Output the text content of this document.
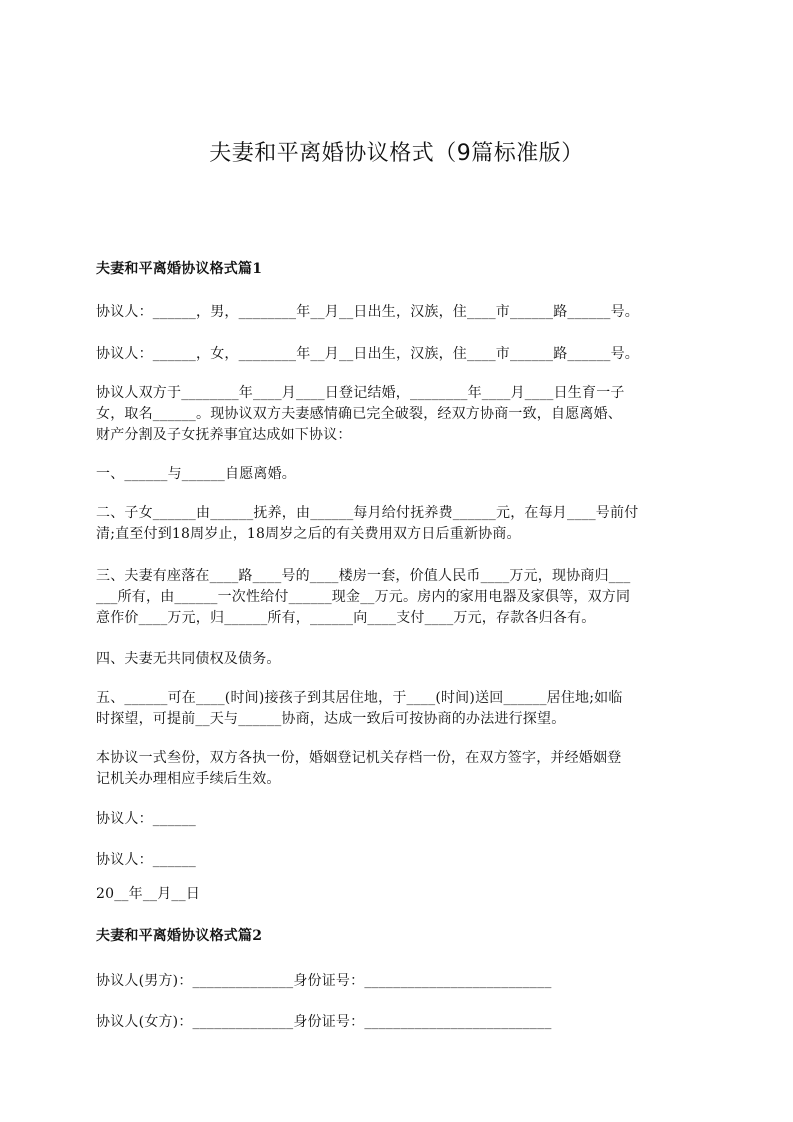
夫妻和平离婚协议格式（9篇标准版）
夫妻和平离婚协议格式篇1
协议人：______，男，________年__月__日出生，汉族，住____市______路______号。
协议人：______，女，________年__月__日出生，汉族，住____市______路______号。
协议人双方于________年____月____日登记结婚，________年____月____日生育一子
女，取名______。现协议双方夫妻感情确已完全破裂，经双方协商一致，自愿离婚、
财产分割及子女抚养事宜达成如下协议：
一、______与______自愿离婚。
二、子女______由______抚养，由______每月给付抚养费______元，在每月____号前付
清;直至付到18周岁止，18周岁之后的有关费用双方日后重新协商。
三、夫妻有座落在____路____号的____楼房一套，价值人民币____万元，现协商归___
___所有，由______一次性给付______现金__万元。房内的家用电器及家俱等，双方同
意作价____万元，归______所有，______向____支付____万元，存款各归各有。
四、夫妻无共同债权及债务。
五、______可在____(时间)接孩子到其居住地，于____(时间)送回______居住地;如临
时探望，可提前__天与______协商，达成一致后可按协商的办法进行探望。
本协议一式叁份，双方各执一份，婚姻登记机关存档一份，在双方签字，并经婚姻登
记机关办理相应手续后生效。
协议人：______
协议人：______
20__年__月__日
夫妻和平离婚协议格式篇2
协议人(男方)：______________身份证号：__________________________
协议人(女方)：______________身份证号：__________________________
